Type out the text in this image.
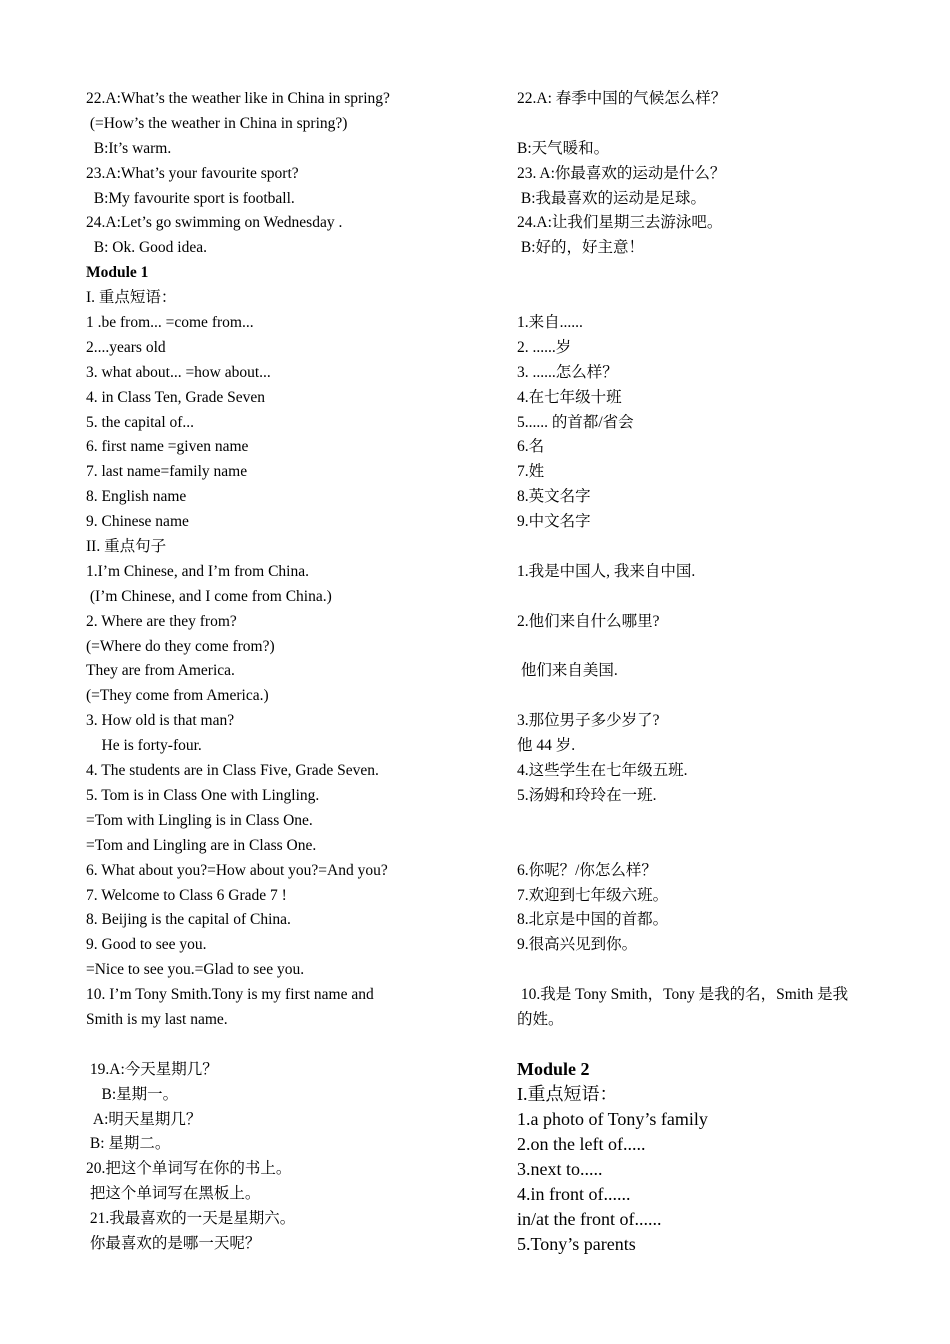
22.A:What’s the weather like in China in spring?
(=How’s the weather in China in spring?)
B:It’s warm.
23.A:What’s your favourite sport?
B:My favourite sport is football.
24.A:Let’s go swimming on Wednesday .
B: Ok. Good idea.
Module 1
I. 重点短语：
1 .be from... =come from...
2....years old
3. what about... =how about...
4. in Class Ten, Grade Seven
5. the capital of...
6. first name =given name
7. last name=family name
8. English name
9. Chinese name
II. 重点句子
1.I’m Chinese, and I’m from China.
(I’m Chinese, and I come from China.)
2. Where are they from?
(=Where do they come from?)
They are from America.
(=They come from America.)
3. How old is that man?
He is forty-four.
4. The students are in Class Five, Grade Seven.
5. Tom is in Class One with Lingling.
=Tom with Lingling is in Class One.
=Tom and Lingling are in Class One.
6. What about you?=How about you?=And you?
7. Welcome to Class 6 Grade 7 !
8. Beijing is the capital of China.
9. Good to see you.
=Nice to see you.=Glad to see you.
10. I’m Tony Smith.Tony is my first name and
Smith is my last name.
19.A:今天星期几？
B:星期一。
A:明天星期几？
B: 星期二。
20.把这个单词写在你的书上。
把这个单词写在黑板上。
21.我最喜欢的一天是星期六。
你最喜欢的是哪一天呢？
22.A: 春季中国的气候怎么样？
B:天气暖和。
23. A:你最喜欢的运动是什么？
B:我最喜欢的运动是足球。
24.A:让我们星期三去游泳吧。
B:好的，好主意！
1.来自......
2. ......岁
3. ......怎么样？
4.在七年级十班
5...... 的首都/省会
6.名
7.姓
8.英文名字
9.中文名字
1.我是中国人, 我来自中国.
2.他们来自什么哪里?
他们来自美国.
3.那位男子多少岁了?
他 44 岁.
4.这些学生在七年级五班.
5.汤姆和玲玲在一班.
6.你呢？/你怎么样？
7.欢迎到七年级六班。
8.北京是中国的首都。
9.很高兴见到你。
10.我是 Tony Smith，Tony 是我的名，Smith 是我
的姓。
Module 2
I.重点短语：
1.a photo of Tony’s family
2.on the left of.....
3.next to.....
4.in front of......
in/at the front of......
5.Tony’s parents
